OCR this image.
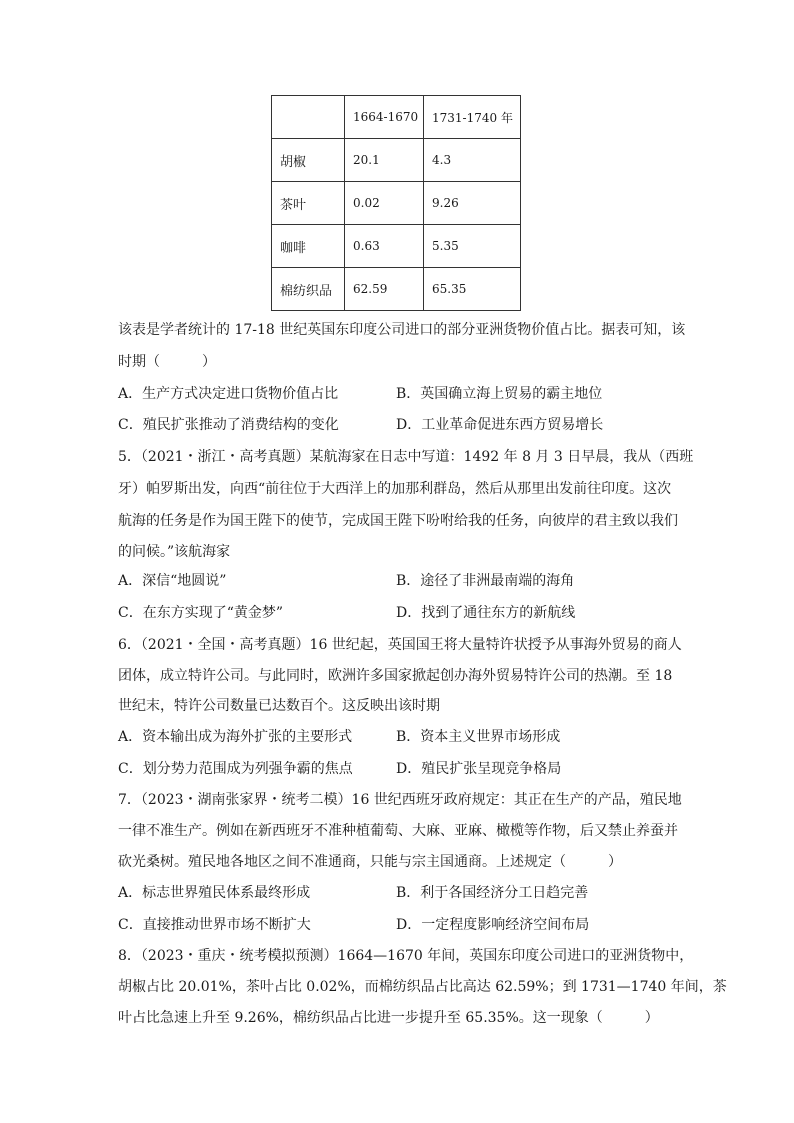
	1664-1670	1731-1740 年
胡椒	20.1	4.3
茶叶	0.02	9.26
咖啡	0.63	5.35
棉纺织品	62.59	65.35
该表是学者统计的 17-18 世纪英国东印度公司进口的部分亚洲货物价值占比。据表可知，该
时期（　　　）
A．生产方式决定进口货物价值占比	B．英国确立海上贸易的霸主地位
C．殖民扩张推动了消费结构的变化	D．工业革命促进东西方贸易增长
5．（2021・浙江・高考真题）某航海家在日志中写道：1492 年 8 月 3 日早晨，我从（西班
牙）帕罗斯出发，向西“前往位于大西洋上的加那利群岛，然后从那里出发前往印度。这次
航海的任务是作为国王陛下的使节，完成国王陛下吩咐给我的任务，向彼岸的君主致以我们
的问候。”该航海家
A．深信“地圆说”	B．途径了非洲最南端的海角
C．在东方实现了“黄金梦”	D．找到了通往东方的新航线
6．（2021・全国・高考真题）16 世纪起，英国国王将大量特许状授予从事海外贸易的商人
团体，成立特许公司。与此同时，欧洲许多国家掀起创办海外贸易特许公司的热潮。至 18
世纪末，特许公司数量已达数百个。这反映出该时期
A．资本输出成为海外扩张的主要形式	B．资本主义世界市场形成
C．划分势力范围成为列强争霸的焦点	D．殖民扩张呈现竞争格局
7．（2023・湖南张家界・统考二模）16 世纪西班牙政府规定：其正在生产的产品，殖民地
一律不准生产。例如在新西班牙不准种植葡萄、大麻、亚麻、橄榄等作物，后又禁止养蚕并
砍光桑树。殖民地各地区之间不准通商，只能与宗主国通商。上述规定（　　　）
A．标志世界殖民体系最终形成	B．利于各国经济分工日趋完善
C．直接推动世界市场不断扩大	D．一定程度影响经济空间布局
8．（2023・重庆・统考模拟预测）1664—1670 年间，英国东印度公司进口的亚洲货物中，
胡椒占比 20.01%，茶叶占比 0.02%，而棉纺织品占比高达 62.59%；到 1731—1740 年间，茶
叶占比急速上升至 9.26%，棉纺织品占比进一步提升至 65.35%。这一现象（　　　）
